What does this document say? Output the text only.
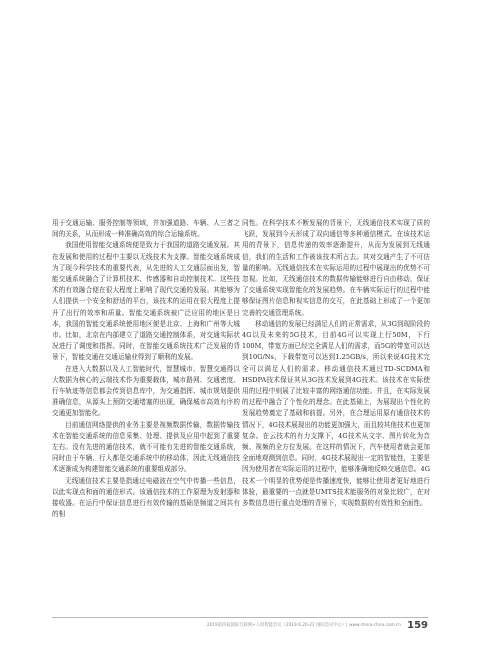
用于交通运输、服务控制等领域，并加强道路、车辆、人三者之间的关系，从而形成一种准确高效的综合运输系统。

我国使用智能交通系统便是致力于我国的道路交通发展。其在发展和使用的过程中主要以无线技术为支撑。智能交通系统成为了现今科学技术的重要代表，从先进的人工交通层面出发，智能交通系统融合了计算机技术、传感器和自动控制技术。这些技术的有效融合便在很大程度上影响了现代交通的发展。其能够为人们提供一个安全和舒适的平台，该技术的运用在很大程度上提升了出行的效率和质量。智能交通系统被广泛应用的地区是日本，我国的智能交通系统使用地区便是北京、上海和广州等大城市。比如，北京在内部建立了道路交通控制体系，对交通实际状况进行了调度和指挥。同时，在智能交通系统技术广泛发展的背景下，智能交通在交通运输业得到了顺利的发展。

在进入大数据以及人工智能时代，智慧城市、智慧交通得以大数据为核心的云端技术作为重要载体，城市路网、交通密度、行车轨迹等信息都会传到信息库中，为交通指挥、城市规划提供准确信息，从源头上预防交通堵塞的出现，确保城市高效有序的交通更加智能化。

目前通信网络提供的业务主要是视频数据传输，数据传输技术在智能交通系统的信息采集、处理、提供及应用中起到了重要左右。没有先进的通信技术，就不可能有先进的智能交通系统，同时由于车辆、行人都是交通系统中的移动体，因此无线通信技术逐渐成为构建智能交通系统的重要组成部分。

无线通信技术主要是指通过电磁波在空气中传播一些信息，以此实现点和面的通信形式。该通信技术的工作原理为发射器和接收器。在运行中保证信息进行有效传输的基础是频道之间共有的相

同性。在科学技术不断发展的背景下，无线通信技术实现了质的飞跃，发展到今天形成了双向通信等多种通信模式。在该技术运用的背景下，信息传递的效率逐渐提升，从而为发展到无线通信，我们的生活和工作被该技术所占去。其对交通产生了不可估量的影响。无线通信技术在实际运用的过程中展现出的优势不可忽视。比如，无线通信技术的数据传输能够进行自由移动，保证了交通系统实现智能化的发展趋势。在车辆实际运行的过程中能够保证图片信息和视实信息的交互，在此基础上形成了一个更加完善的交通管理系统。

移动通信的发展已经满足人们的正常需求，从3G到现阶段的4G以及未来的5G技术，目前4G可以实现上行50M，下行100M，带宽方面已经完全满足人们的需求，而5G的带宽可以达到10G/Ns，下载带宽可以达到1.25GB/s，所以来说4G技术完全可以满足人们的需求。移动通信技术通过TD-SCDMA和HSDPA技术保证其从3G技术发展到4G技术。该技术在实际使用的过程中则展了比较丰富的网络通信功能。并且，在实际发展的过程中融合了个性化的理念。在此基础上，为展现出个性化的发展趋势奠定了基础和前提。另外，在合理运用原有通信技术的情况下，4G技术展现出的功能更加强大，而且较其他技术也更加复杂。在云技术的有力支撑下，4G技术从文字、图片转化为音频、视频的全方位发展。在这样的情况下，汽车使用者就会更加全面地观测到信息。同时，4G技术展现出一定的智能性，主要是因为使用者在实际运用的过程中，能够准确地反映交通信息。4G技术一个明显的优势便是传播速度快，能够让使用者更好地进行体验，最重要的一点就是UMTS技术能服务的对象比较广，在对多数信息进行重点处理的背景下，实现数据的有效性和全面性。

2019第四届国际互联网+人机智能会议（2019.6.20-22 国际会议中心）| www.china-chna.com.cn 159
